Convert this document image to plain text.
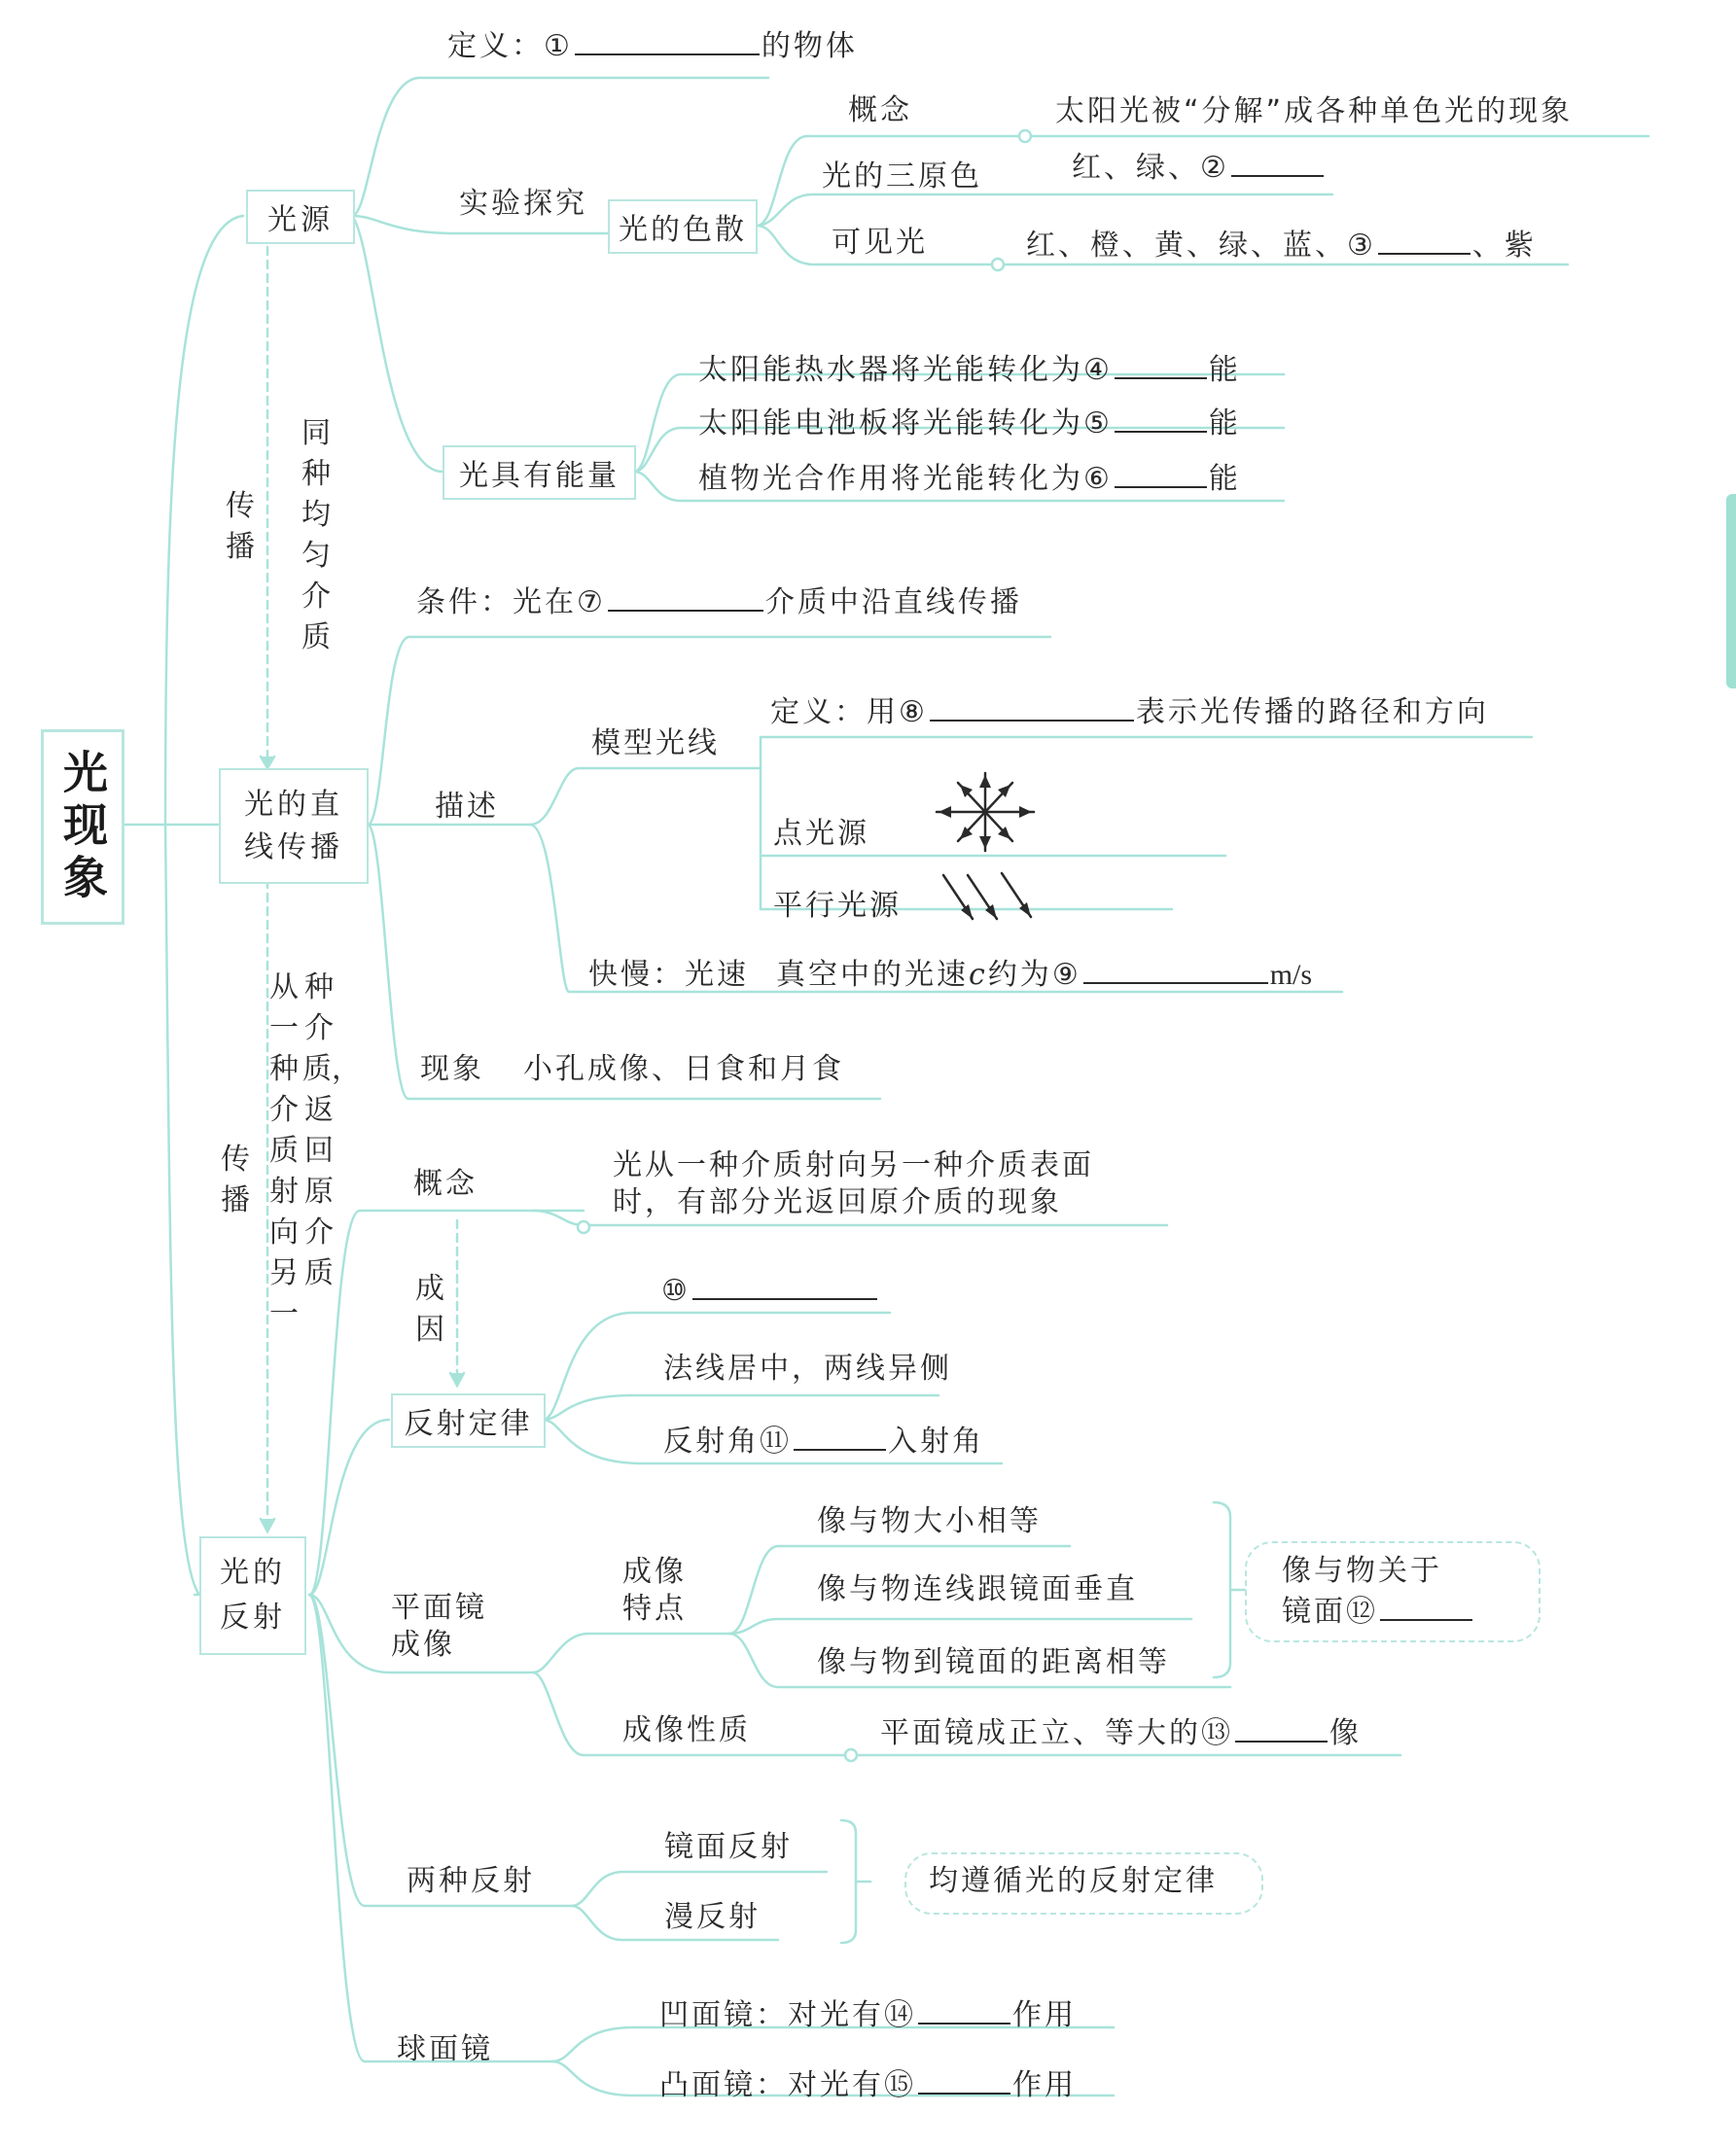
光现象
光源
光的直
线传播
光的
反射
传播
同种均匀介质
传播
从一种介质射向另一
种介质，返回原介质	成因
定义：①	的物体
实验探究
光的色散
概念	太阳光被“分解”成各种单色光的现象
光的三原色	红、绿、②
可见光	红、橙、黄、绿、蓝、③	、紫
光具有能量
太阳能热水器将光能转化为④	能
太阳能电池板将光能转化为⑤	能
植物光合作用将光能转化为⑥	能
条件：光在⑦	介质中沿直线传播
描述
模型光线
定义：用⑧	表示光传播的路径和方向
点光源
平行光源
快慢：光速 真空中的光速c约为⑨	m/s
现象 小孔成像、日食和月食
概念
光从一种介质射向另一种介质表面
时，有部分光返回原介质的现象
反射定律
⑩
法线居中，两线异侧
反射角⑪	入射角
平面镜
成像
成像
特点
像与物大小相等
像与物连线跟镜面垂直
像与物到镜面的距离相等
像与物关于
镜面⑫
成像性质	平面镜成正立、等大的⑬	像
两种反射
镜面反射
漫反射
均遵循光的反射定律
球面镜
凹面镜：对光有⑭	作用
凸面镜：对光有⑮	作用
